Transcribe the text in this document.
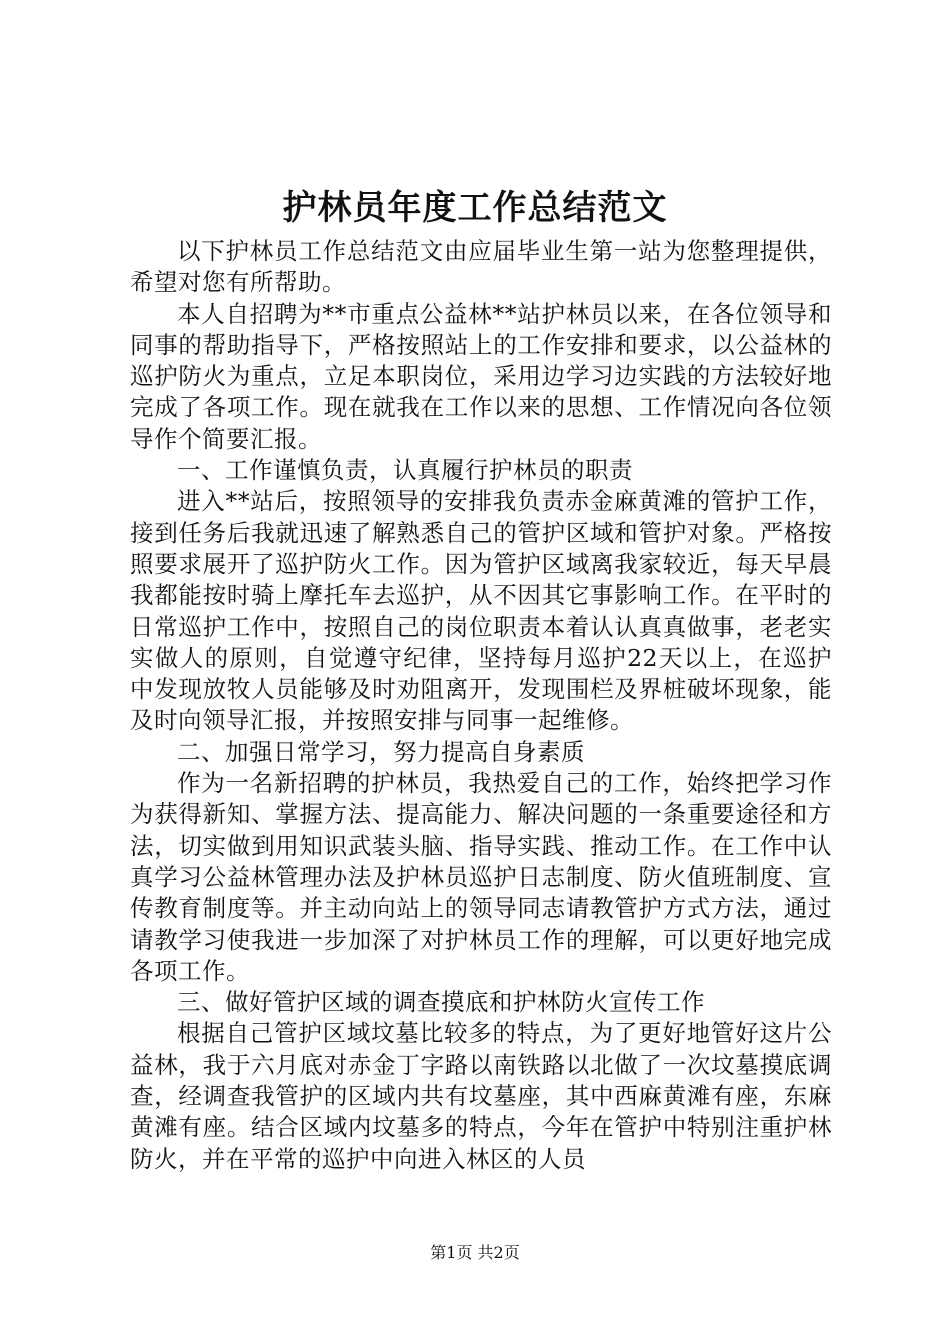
护林员年度工作总结范文

以下护林员工作总结范文由应届毕业生第一站为您整理提供，希望对您有所帮助。

本人自招聘为**市重点公益林**站护林员以来，在各位领导和同事的帮助指导下，严格按照站上的工作安排和要求，以公益林的巡护防火为重点，立足本职岗位，采用边学习边实践的方法较好地完成了各项工作。现在就我在工作以来的思想、工作情况向各位领导作个简要汇报。

一、工作谨慎负责，认真履行护林员的职责

进入**站后，按照领导的安排我负责赤金麻黄滩的管护工作，接到任务后我就迅速了解熟悉自己的管护区域和管护对象。严格按照要求展开了巡护防火工作。因为管护区域离我家较近，每天早晨我都能按时骑上摩托车去巡护，从不因其它事影响工作。在平时的日常巡护工作中，按照自己的岗位职责本着认认真真做事，老老实实做人的原则，自觉遵守纪律，坚持每月巡护22天以上，在巡护中发现放牧人员能够及时劝阻离开，发现围栏及界桩破坏现象，能及时向领导汇报，并按照安排与同事一起维修。

二、加强日常学习，努力提高自身素质

作为一名新招聘的护林员，我热爱自己的工作，始终把学习作为获得新知、掌握方法、提高能力、解决问题的一条重要途径和方法，切实做到用知识武装头脑、指导实践、推动工作。在工作中认真学习公益林管理办法及护林员巡护日志制度、防火值班制度、宣传教育制度等。并主动向站上的领导同志请教管护方式方法，通过请教学习使我进一步加深了对护林员工作的理解，可以更好地完成各项工作。

三、做好管护区域的调查摸底和护林防火宣传工作

根据自己管护区域坟墓比较多的特点，为了更好地管好这片公益林，我于六月底对赤金丁字路以南铁路以北做了一次坟墓摸底调查，经调查我管护的区域内共有坟墓座，其中西麻黄滩有座，东麻黄滩有座。结合区域内坟墓多的特点，今年在管护中特别注重护林防火，并在平常的巡护中向进入林区的人员

第1页 共2页
